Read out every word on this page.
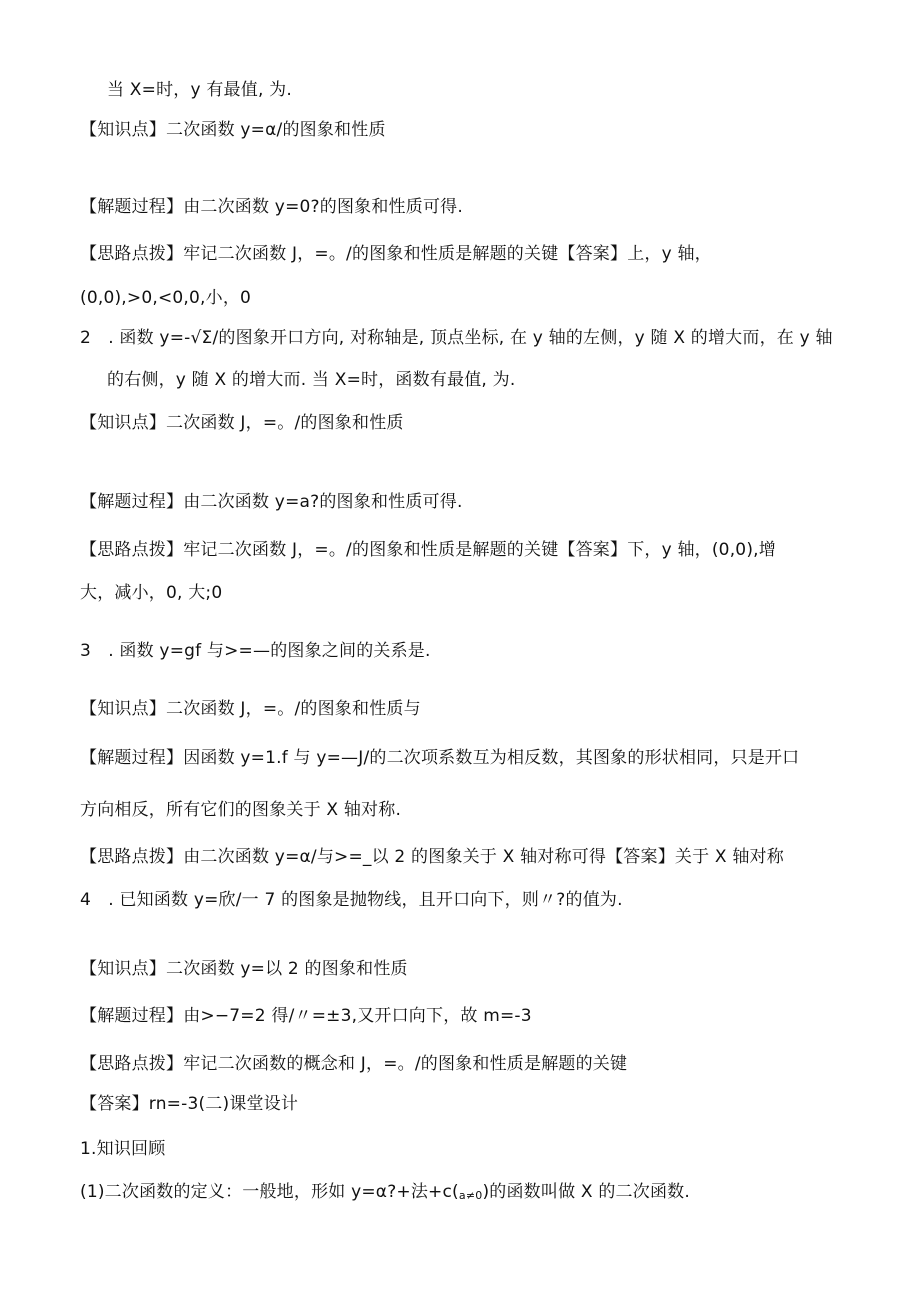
当 X=时，y 有最值, 为.
【知识点】二次函数 y=α/的图象和性质
【解题过程】由二次函数 y=0?的图象和性质可得.
【思路点拨】牢记二次函数 J，=。/的图象和性质是解题的关键【答案】上，y 轴，
(0,0),>0,<0,0,小，0
2　. 函数 y=-√Σ/的图象开口方向, 对称轴是, 顶点坐标, 在 y 轴的左侧，y 随 X 的增大而，在 y 轴
的右侧，y 随 X 的增大而. 当 X=时，函数有最值, 为.
【知识点】二次函数 J，=。/的图象和性质
【解题过程】由二次函数 y=a?的图象和性质可得.
【思路点拨】牢记二次函数 J，=。/的图象和性质是解题的关键【答案】下，y 轴，(0,0),增
大，减小，0, 大;0
3　. 函数 y=gf 与>=—的图象之间的关系是.
【知识点】二次函数 J，=。/的图象和性质与
【解题过程】因函数 y=1.f 与 y=—J/的二次项系数互为相反数，其图象的形状相同，只是开口
方向相反，所有它们的图象关于 X 轴对称.
【思路点拨】由二次函数 y=α/与>=_以 2 的图象关于 X 轴对称可得【答案】关于 X 轴对称
4　. 已知函数 y=欣/一 7 的图象是抛物线，且开口向下，则〃?的值为.
【知识点】二次函数 y=以 2 的图象和性质
【解题过程】由>−7=2 得/〃=±3,又开口向下，故 m=-3
【思路点拨】牢记二次函数的概念和 J，=。/的图象和性质是解题的关键
【答案】rn=-3(二)课堂设计
1.知识回顾
(1)二次函数的定义：一般地，形如 y=α?+法+c(a≠0)的函数叫做 X 的二次函数.
